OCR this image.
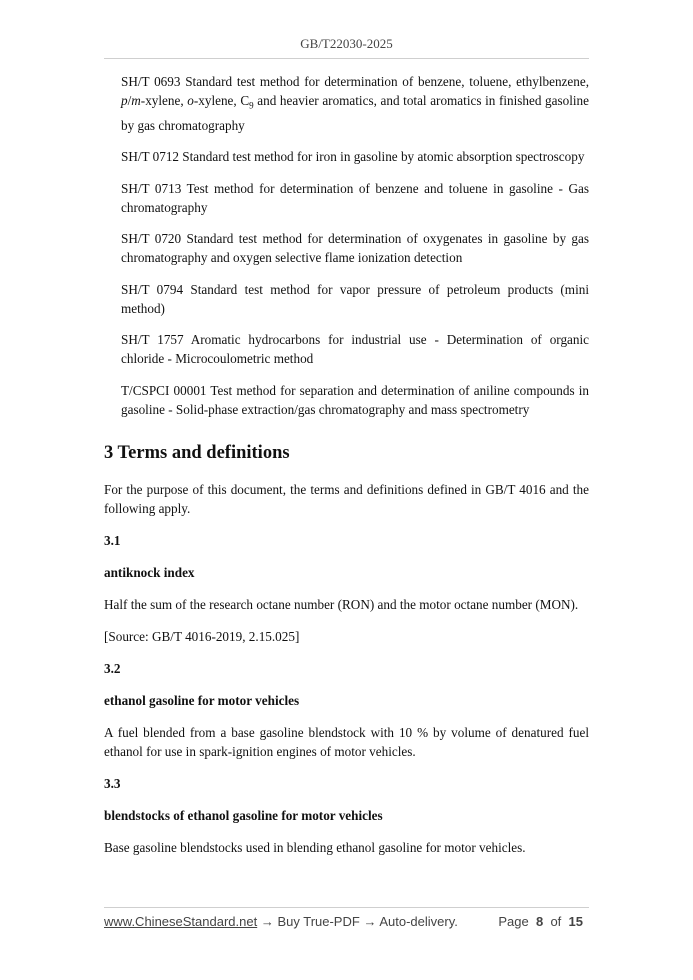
GB/T22030-2025

SH/T 0693 Standard test method for determination of benzene, toluene, ethylbenzene, p/m-xylene, o-xylene, $C_9$ and heavier aromatics, and total aromatics in finished gasoline by gas chromatography

SH/T 0712 Standard test method for iron in gasoline by atomic absorption spectroscopy

SH/T 0713 Test method for determination of benzene and toluene in gasoline - Gas chromatography

SH/T 0720 Standard test method for determination of oxygenates in gasoline by gas chromatography and oxygen selective flame ionization detection

SH/T 0794 Standard test method for vapor pressure of petroleum products (mini method)

SH/T 1757 Aromatic hydrocarbons for industrial use - Determination of organic chloride - Microcoulometric method

T/CSPCI 00001 Test method for separation and determination of aniline compounds in gasoline - Solid-phase extraction/gas chromatography and mass spectrometry

3 Terms and definitions

For the purpose of this document, the terms and definitions defined in GB/T 4016 and the following apply.

3.1

antiknock index

Half the sum of the research octane number (RON) and the motor octane number (MON).

[Source: GB/T 4016-2019, 2.15.025]

3.2

ethanol gasoline for motor vehicles

A fuel blended from a base gasoline blendstock with 10 % by volume of denatured fuel ethanol for use in spark-ignition engines of motor vehicles.

3.3

blendstocks of ethanol gasoline for motor vehicles

Base gasoline blendstocks used in blending ethanol gasoline for motor vehicles.

www.ChineseStandard.net → Buy True-PDF → Auto-delivery.	Page 8 of 15
